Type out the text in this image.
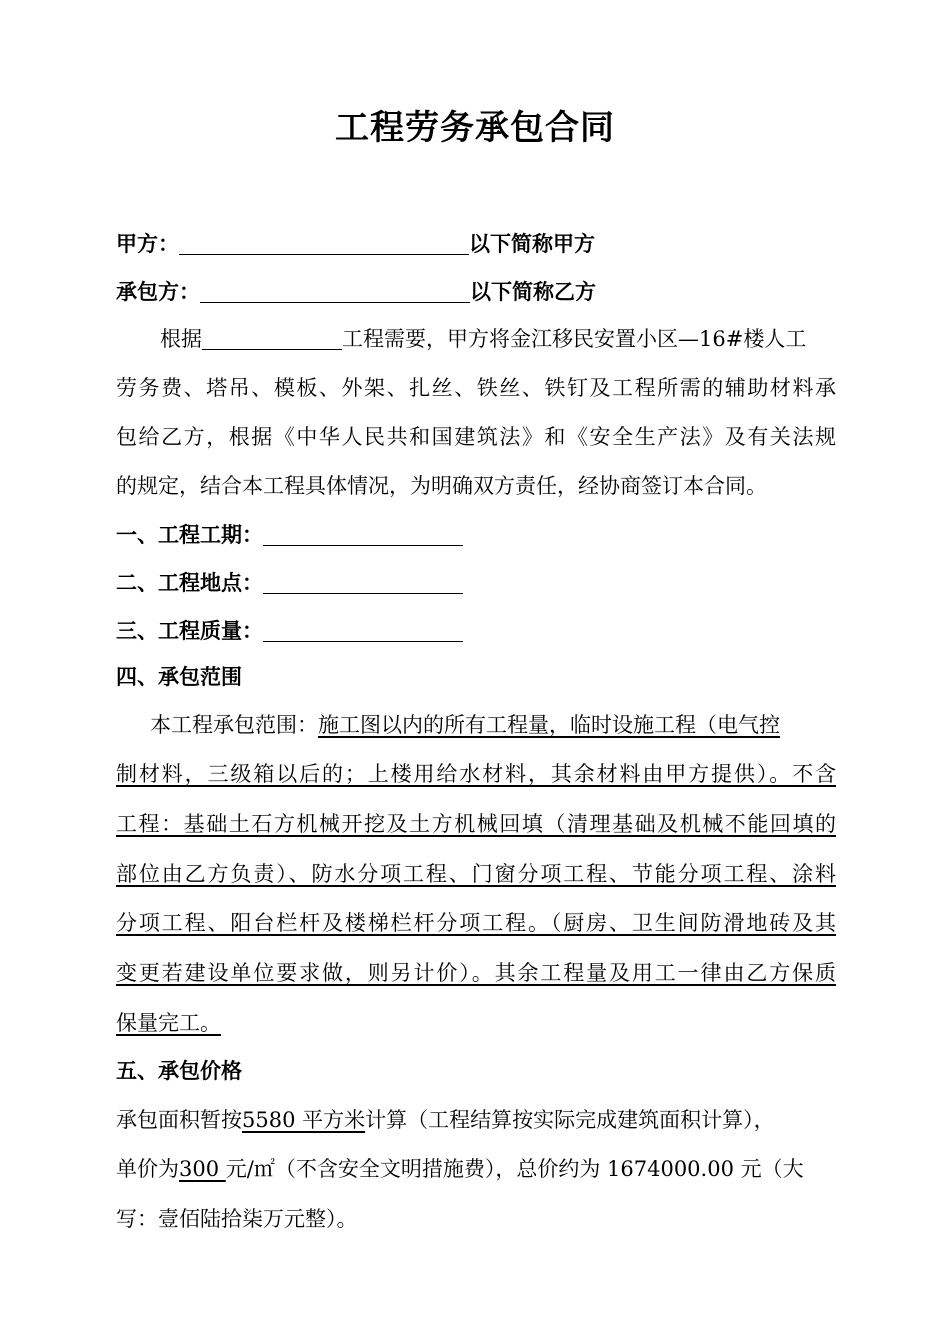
工程劳务承包合同
甲方：	以下简称甲方
承包方：	以下简称乙方
根据	工程需要，甲方将金江移民安置小区—16#楼人工
劳务费、塔吊、模板、外架、扎丝、铁丝、铁钉及工程所需的辅助材料承
包给乙方，根据《中华人民共和国建筑法》和《安全生产法》及有关法规
的规定，结合本工程具体情况，为明确双方责任，经协商签订本合同。
一、工程工期：
二、工程地点：
三、工程质量：
四、承包范围
本工程承包范围：施工图以内的所有工程量，临时设施工程（电气控
制材料，三级箱以后的；上楼用给水材料，其余材料由甲方提供）。不含
工程：基础土石方机械开挖及土方机械回填（清理基础及机械不能回填的
部位由乙方负责）、防水分项工程、门窗分项工程、节能分项工程、涂料
分项工程、阳台栏杆及楼梯栏杆分项工程。（厨房、卫生间防滑地砖及其
变更若建设单位要求做，则另计价）。其余工程量及用工一律由乙方保质
保量完工。
五、承包价格
承包面积暂按5580 平方米计算（工程结算按实际完成建筑面积计算），
单价为300 元/㎡（不含安全文明措施费），总价约为 1674000.00 元（大
写：壹佰陆拾柒万元整）。
